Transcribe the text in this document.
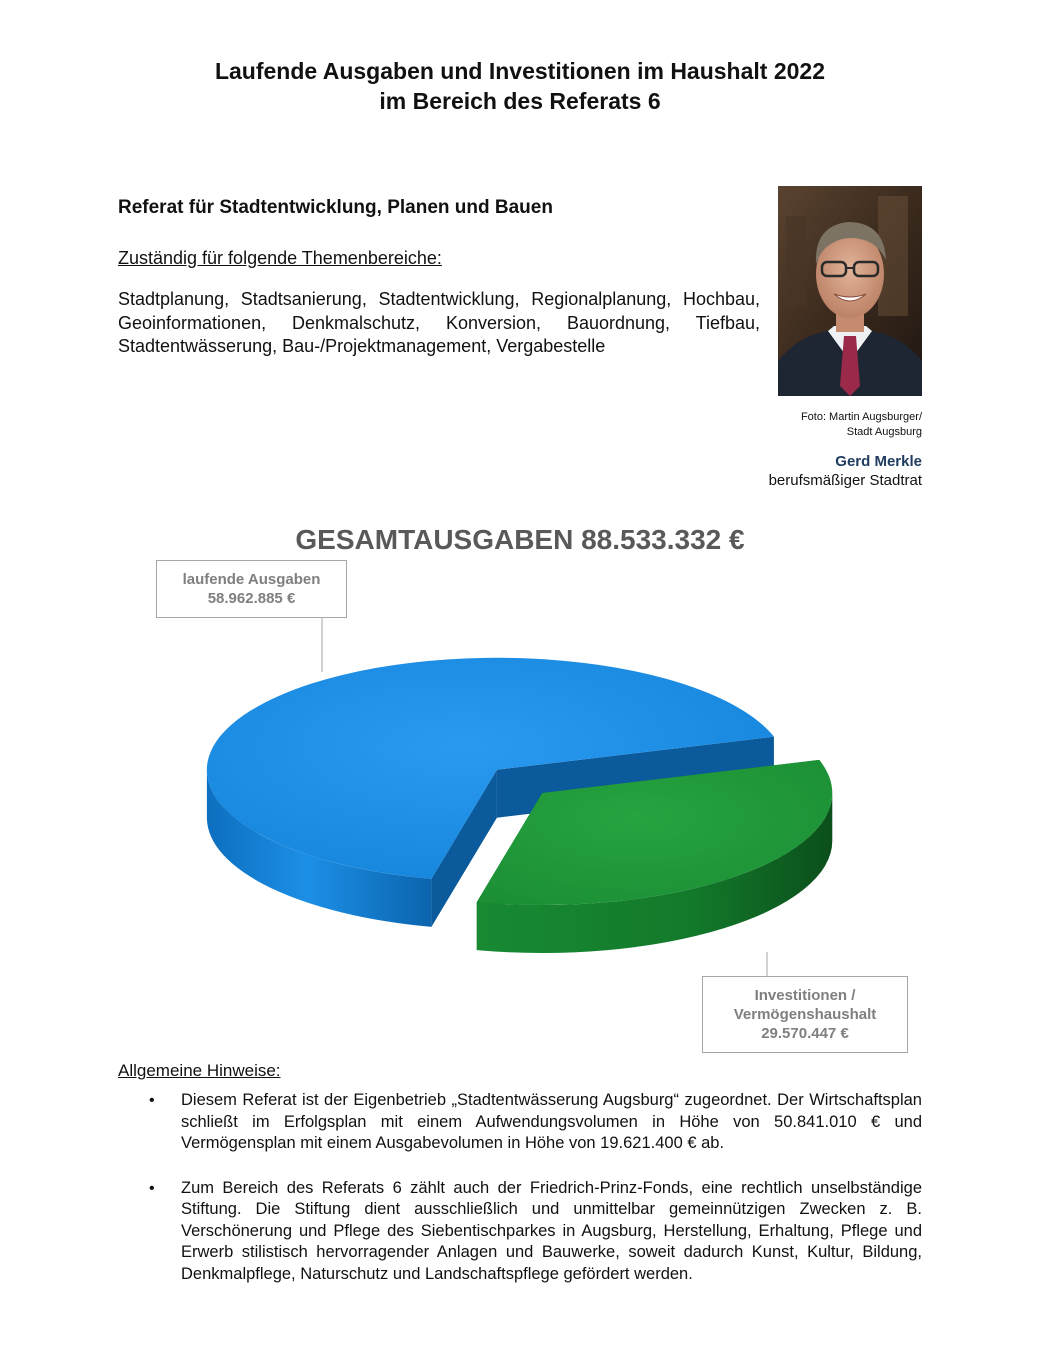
Laufende Ausgaben und Investitionen im Haushalt 2022
im Bereich des Referats 6
Referat für Stadtentwicklung, Planen und Bauen
Zuständig für folgende Themenbereiche:
Stadtplanung, Stadtsanierung, Stadtentwicklung, Regionalplanung, Hochbau, Geoinformationen, Denkmalschutz, Konversion, Bauordnung, Tiefbau, Stadtentwässerung, Bau-/Projektmanagement, Vergabestelle
Foto: Martin Augsburger/
Stadt Augsburg
Gerd Merkle
berufsmäßiger Stadtrat
GESAMTAUSGABEN 88.533.332 €
laufende Ausgaben
58.962.885 €
Investitionen /
Vermögenshaushalt
29.570.447 €
Allgemeine Hinweise:
• Diesem Referat ist der Eigenbetrieb „Stadtentwässerung Augsburg“ zugeordnet. Der Wirtschaftsplan schließt im Erfolgsplan mit einem Aufwendungsvolumen in Höhe von 50.841.010 € und Vermögensplan mit einem Ausgabevolumen in Höhe von 19.621.400 € ab.
• Zum Bereich des Referats 6 zählt auch der Friedrich-Prinz-Fonds, eine rechtlich unselbständige Stiftung. Die Stiftung dient ausschließlich und unmittelbar gemeinnützigen Zwecken z. B. Verschönerung und Pflege des Siebentischparkes in Augsburg, Herstellung, Erhaltung, Pflege und Erwerb stilistisch hervorragender Anlagen und Bauwerke, soweit dadurch Kunst, Kultur, Bildung, Denkmalpflege, Naturschutz und Landschaftspflege gefördert werden.
